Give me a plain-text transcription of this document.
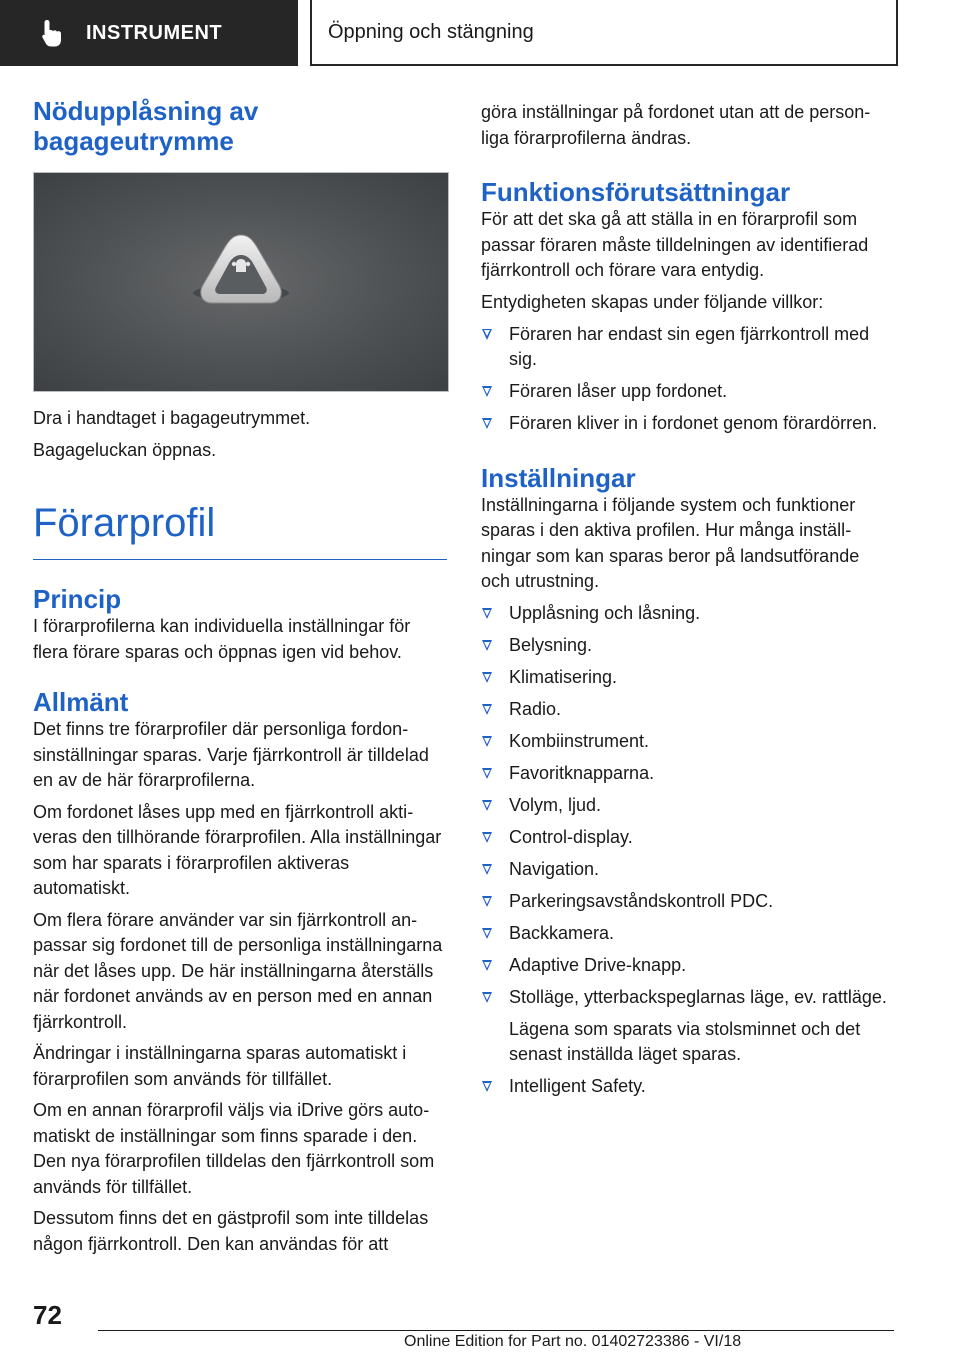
INSTRUMENT	Öppning och stängning
Nödupplåsning av bagageutrymme

Dra i handtaget i bagageutrymmet.

Bagageluckan öppnas.

Förarprofil
Princip

I förarprofilerna kan individuella inställningar för flera förare sparas och öppnas igen vid behov.

Allmänt

Det finns tre förarprofiler där personliga fordonsinställningar sparas. Varje fjärrkontroll är tilldelad en av de här förarprofilerna.

Om fordonet låses upp med en fjärrkontroll aktiveras den tillhörande förarprofilen. Alla inställningar som har sparats i förarprofilen aktiveras automatiskt.

Om flera förare använder var sin fjärrkontroll anpassar sig fordonet till de personliga inställningarna när det låses upp. De här inställningarna återställs när fordonet används av en person med en annan fjärrkontroll.

Ändringar i inställningarna sparas automatiskt i förarprofilen som används för tillfället.

Om en annan förarprofil väljs via iDrive görs automatiskt de inställningar som finns sparade i den. Den nya förarprofilen tilldelas den fjärrkontroll som används för tillfället.

Dessutom finns det en gästprofil som inte tilldelas någon fjärrkontroll. Den kan användas för att

göra inställningar på fordonet utan att de personliga förarprofilerna ändras.

Funktionsförutsättningar

För att det ska gå att ställa in en förarprofil som passar föraren måste tilldelningen av identifierad fjärrkontroll och förare vara entydig.

Entydigheten skapas under följande villkor:

Föraren har endast sin egen fjärrkontroll med sig.
Föraren låser upp fordonet.
Föraren kliver in i fordonet genom förardörren.
Inställningar

Inställningarna i följande system och funktioner sparas i den aktiva profilen. Hur många inställningar som kan sparas beror på landsutförande och utrustning.

Upplåsning och låsning.
Belysning.
Klimatisering.
Radio.
Kombiinstrument.
Favoritknapparna.
Volym, ljud.
Control-display.
Navigation.
Parkeringsavståndskontroll PDC.
Backkamera.
Adaptive Drive-knapp.
Stolläge, ytterbackspeglarnas läge, ev. rattläge.
Lägena som sparats via stolsminnet och det senast inställda läget sparas.
Intelligent Safety.
72
Online Edition for Part no. 01402723386 - VI/18
